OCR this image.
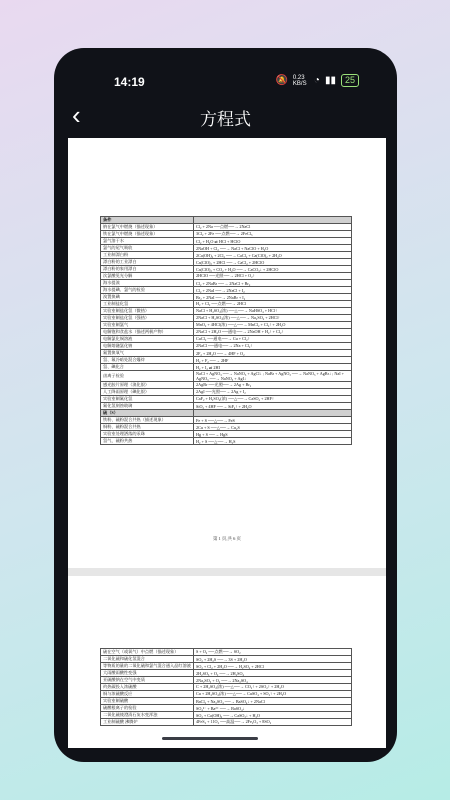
14:19	🔕 0.23 KB/S ◔ ▮▮	25
‹	方程式
条件	
钠在氯气中燃烧（描述现象）	Cl₂ + 2Na ──点燃──→ 2NaCl
铁在氯气中燃烧（描述现象）	3Cl₂ + 2Fe ──点燃──→ 2FeCl₃
氯气溶于水	Cl₂ + H₂O ⇌ HCl + HClO
氯气的尾气吸收	2NaOH + Cl₂ ──→ NaCl + NaClO + H₂O
工业制漂白粉	2Ca(OH)₂ + 2Cl₂ ──→ CaCl₂ + Ca(ClO)₂ + 2H₂O
漂白粉的工业漂白	Ca(ClO)₂ + 2HCl ──→ CaCl₂ + 2HClO
漂白粉的家用漂白	Ca(ClO)₂ + CO₂ + H₂O ──→ CaCO₃↓ + 2HClO
次氯酸见光分解	2HClO ──光照──→ 2HCl + O₂↑
海水提溴	Cl₂ + 2NaBr ──→ 2NaCl + Br₂
海水提碘、氯气的检验	Cl₂ + 2NaI ──→ 2NaCl + I₂
溴置换碘	Br₂ + 2NaI ──→ 2NaBr + I₂
工业制盐化氢	H₂ + Cl₂ ──点燃──→ 2HCl
实验室制盐化氢（微热）	NaCl + H₂SO₄(浓) ──△──→ NaHSO₄ + HCl↑
实验室制盐化氢（强热）	2NaCl + H₂SO₄(浓) ──△──→ Na₂SO₄ + 2HCl↑
实验室制氯气	MnO₂ + 4HCl(浓) ──△──→ MnCl₂ + Cl₂↑ + 2H₂O
电解饱和食盐水（描述两极产物）	2NaCl + 2H₂O ──通电──→ 2NaOH + H₂↑ + Cl₂↑
电解氯化铜溶液	CuCl₂ ──通电──→ Cu + Cl₂↑
电解熔融氯化钠	2NaCl ──通电──→ 2Na + Cl₂↑
氟置换氧气	2F₂ + 2H₂O ──→ 4HF + O₂
氢、氟冷暗处混合爆炸	H₂ + F₂ ──→ 2HF
氢、碘化合	H₂ + I₂ ⇌ 2HI
卤离子检验	NaCl + AgNO₃ ──→ NaNO₃ + AgCl↓ ; NaBr + AgNO₃ ──→ NaNO₃ + AgBr↓ ; NaI + AgNO₃ ──→ NaNO₃ + AgI↓
感光胶片原理（溴化银）	2AgBr ──光照──→ 2Ag + Br₂
人工降雨原理（碘化银）	2AgI ──光照──→ 2Ag + I₂
实验室制氟化氢	CaF₂ + H₂SO₄(浓) ──△──→ CaSO₄ + 2HF↑
氟化氢刻蚀玻璃	SiO₂ + 4HF ──→ SiF₄↑ + 2H₂O
硫（S）	
铁粉、硫粉混合共热（描述现象）	Fe + S ──△──→ FeS
铜粉、硫粉混合共热	2Cu + S ──△──→ Cu₂S
实验室处理洒落的汞珠	Hg + S ──→ HgS
氢气、硫粉共热	H₂ + S ──△──→ H₂S
第 1 页,共 6 页
硫在空气（或氧气）中点燃（描述现象）	S + O₂ ──点燃──→ SO₂
二氧化硫和硫化氢混合	SO₂ + 2H₂S ──→ 3S + 2H₂O
等物质的量的二氧化硫和氯气混合通入品红溶液	SO₂ + Cl₂ + 2H₂O ──→ H₂SO₄ + 2HCl
大雨酸雨酸性变强	2H₂SO₃ + O₂ ──→ 2H₂SO₄
亚硫酸钠在空气中变质	2Na₂SO₃ + O₂ ──→ 2Na₂SO₄
灼热碳投入浓硫酸	C + 2H₂SO₄(浓) ──△──→ CO₂↑ + 2SO₂↑ + 2H₂O
铜与浓硫酸反应	Cu + 2H₂SO₄(浓) ──△──→ CuSO₄ + SO₂↑ + 2H₂O
实验室制硫酸	BaCl₂ + Na₂SO₄ ──→ BaSO₄↓ + 2NaCl
硫酸根离子的检验	SO₄²⁻ + Ba²⁺ ──→ BaSO₄↓
二氧化硫使澄清石灰水变浑浊	SO₂ + Ca(OH)₂ ──→ CaSO₃↓ + H₂O
工业制硫酸 沸腾炉	4FeS₂ + 11O₂ ──高温──→ 2Fe₂O₃ + 8SO₂
